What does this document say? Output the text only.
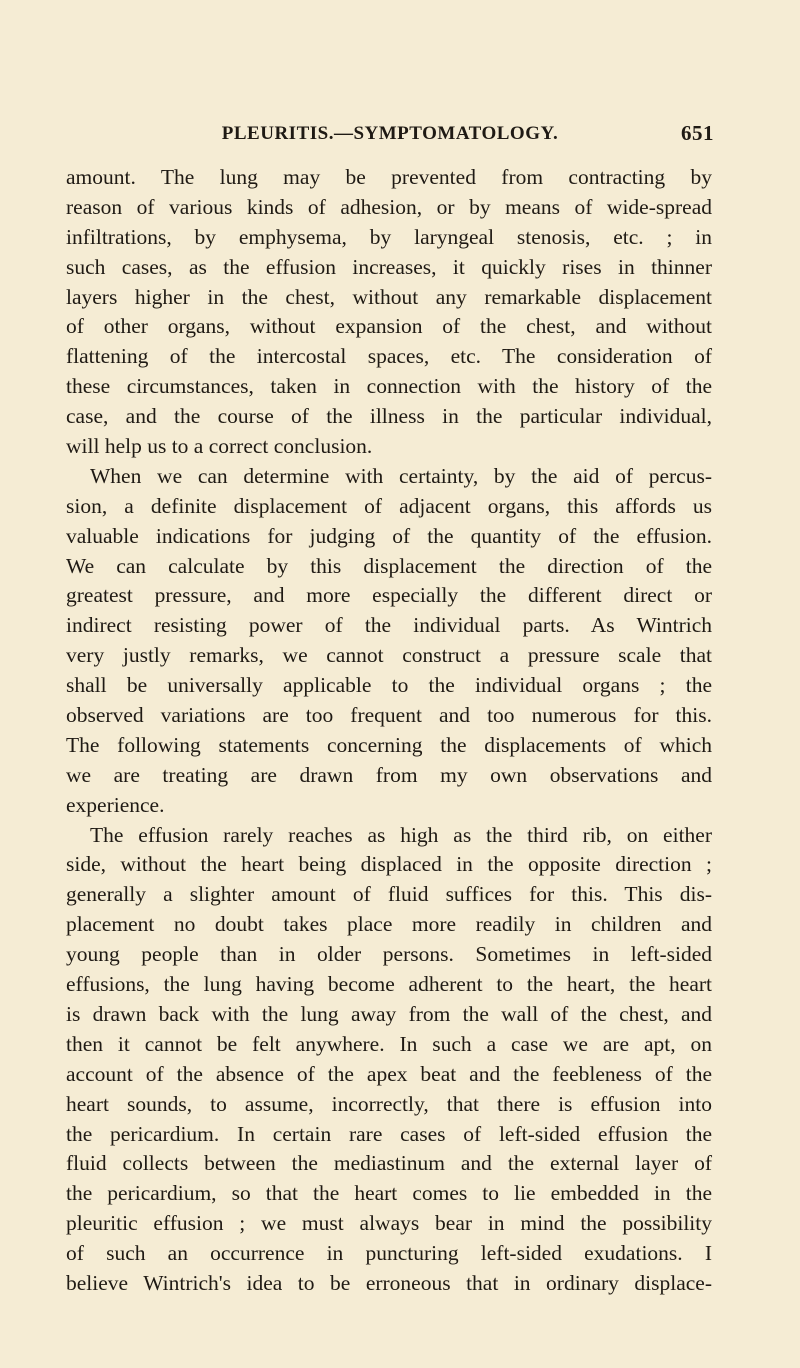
PLEURITIS.—SYMPTOMATOLOGY.	651
amount. The lung may be prevented from contracting by
reason of various kinds of adhesion, or by means of wide-spread
infiltrations, by emphysema, by laryngeal stenosis, etc. ; in
such cases, as the effusion increases, it quickly rises in thinner
layers higher in the chest, without any remarkable displacement
of other organs, without expansion of the chest, and without
flattening of the intercostal spaces, etc. The consideration of
these circumstances, taken in connection with the history of the
case, and the course of the illness in the particular individual,
will help us to a correct conclusion.
When we can determine with certainty, by the aid of percus-
sion, a definite displacement of adjacent organs, this affords us
valuable indications for judging of the quantity of the effusion.
We can calculate by this displacement the direction of the
greatest pressure, and more especially the different direct or
indirect resisting power of the individual parts. As Wintrich
very justly remarks, we cannot construct a pressure scale that
shall be universally applicable to the individual organs ; the
observed variations are too frequent and too numerous for this.
The following statements concerning the displacements of which
we are treating are drawn from my own observations and
experience.
The effusion rarely reaches as high as the third rib, on either
side, without the heart being displaced in the opposite direction ;
generally a slighter amount of fluid suffices for this. This dis-
placement no doubt takes place more readily in children and
young people than in older persons. Sometimes in left-sided
effusions, the lung having become adherent to the heart, the heart
is drawn back with the lung away from the wall of the chest, and
then it cannot be felt anywhere. In such a case we are apt, on
account of the absence of the apex beat and the feebleness of the
heart sounds, to assume, incorrectly, that there is effusion into
the pericardium. In certain rare cases of left-sided effusion the
fluid collects between the mediastinum and the external layer of
the pericardium, so that the heart comes to lie embedded in the
pleuritic effusion ; we must always bear in mind the possibility
of such an occurrence in puncturing left-sided exudations. I
believe Wintrich's idea to be erroneous that in ordinary displace-
